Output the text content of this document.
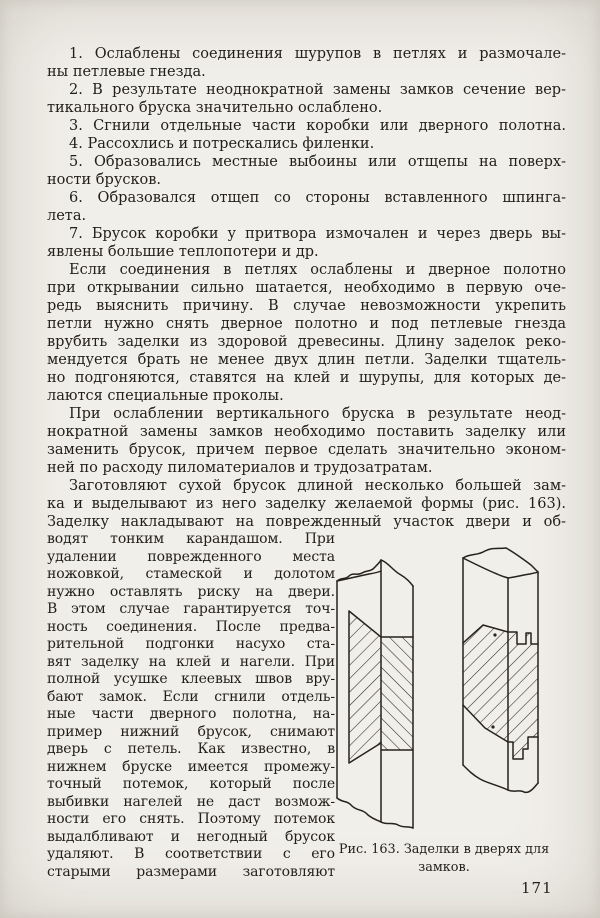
1. Ослаблены соединения шурупов в петлях и размочале-
ны петлевые гнезда.
2. В результате неоднократной замены замков сечение вер-
тикального бруска значительно ослаблено.
3. Сгнили отдельные части коробки или дверного полотна.
4. Рассохлись и потрескались филенки.
5. Образовались местные выбоины или отщепы на поверх-
ности брусков.
6. Образовался отщеп со стороны вставленного шпинга-
лета.
7. Брусок коробки у притвора измочален и через дверь вы-
явлены большие теплопотери и др.
Если соединения в петлях ослаблены и дверное полотно
при открывании сильно шатается, необходимо в первую оче-
редь выяснить причину. В случае невозможности укрепить
петли нужно снять дверное полотно и под петлевые гнезда
врубить заделки из здоровой древесины. Длину заделок реко-
мендуется брать не менее двух длин петли. Заделки тщатель-
но подгоняются, ставятся на клей и шурупы, для которых де-
лаются специальные проколы.
При ослаблении вертикального бруска в результате неод-
нократной замены замков необходимо поставить заделку или
заменить брусок, причем первое сделать значительно эконом-
ней по расходу пиломатериалов и трудозатратам.
Заготовляют сухой брусок длиной несколько большей зам-
ка и выделывают из него заделку желаемой формы (рис. 163).
Заделку накладывают на поврежденный участок двери и об-
водят тонким карандашом. При
удалении поврежденного места
ножовкой, стамеской и долотом
нужно оставлять риску на двери.
В этом случае гарантируется точ-
ность соединения. После предва-
рительной подгонки насухо ста-
вят заделку на клей и нагели. При
полной усушке клеевых швов вру-
бают замок. Если сгнили отдель-
ные части дверного полотна, на-
пример нижний брусок, снимают
дверь с петель. Как известно, в
нижнем бруске имеется промежу-
точный потемок, который после
выбивки нагелей не даст возмож-
ности его снять. Поэтому потемок
выдалбливают и негодный брусок
удаляют. В соответствии с его
старыми размерами заготовляют
Рис. 163. Заделки в дверях для
замков.
171
